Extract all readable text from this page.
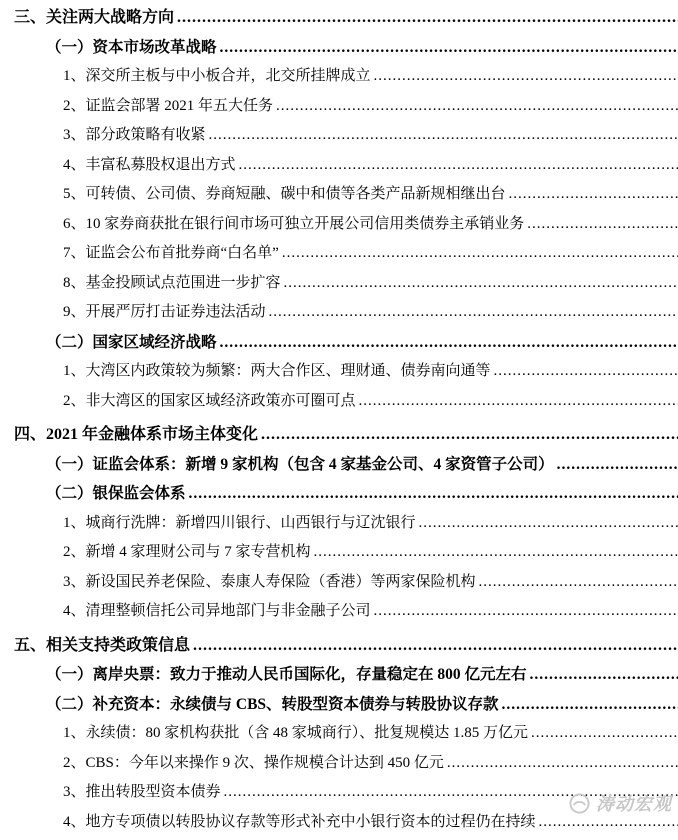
三、关注两大战略方向
.....
（一）资本市场改革战略
.....
1、深交所主板与中小板合并，北交所挂牌成立
.....
2、证监会部署 2021 年五大任务
.....
3、部分政策略有收紧
.....
4、丰富私募股权退出方式
.....
5、可转债、公司债、券商短融、碳中和债等各类产品新规相继出台
.....
6、10 家券商获批在银行间市场可独立开展公司信用类债券主承销业务
.....
7、证监会公布首批券商“白名单”
.....
8、基金投顾试点范围进一步扩容
.....
9、开展严厉打击证券违法活动
.....
（二）国家区域经济战略
.....
1、大湾区内政策较为频繁：两大合作区、理财通、债券南向通等
.....
2、非大湾区的国家区域经济政策亦可圈可点
.....
四、2021 年金融体系市场主体变化
.....
（一）证监会体系：新增 9 家机构（包含 4 家基金公司、4 家资管子公司）
.....
（二）银保监会体系
.....
1、城商行洗牌：新增四川银行、山西银行与辽沈银行
.....
2、新增 4 家理财公司与 7 家专营机构
.....
3、新设国民养老保险、泰康人寿保险（香港）等两家保险机构
.....
4、清理整顿信托公司异地部门与非金融子公司
.....
五、相关支持类政策信息
.....
（一）离岸央票：致力于推动人民币国际化，存量稳定在 800 亿元左右
.....
（二）补充资本：永续债与 CBS、转股型资本债券与转股协议存款
.....
1、永续债：80 家机构获批（含 48 家城商行）、批复规模达 1.85 万亿元
.....
2、CBS：今年以来操作 9 次、操作规模合计达到 450 亿元
.....
3、推出转股型资本债券
.....
4、地方专项债以转股协议存款等形式补充中小银行资本的过程仍在持续
.....
涛动宏观
